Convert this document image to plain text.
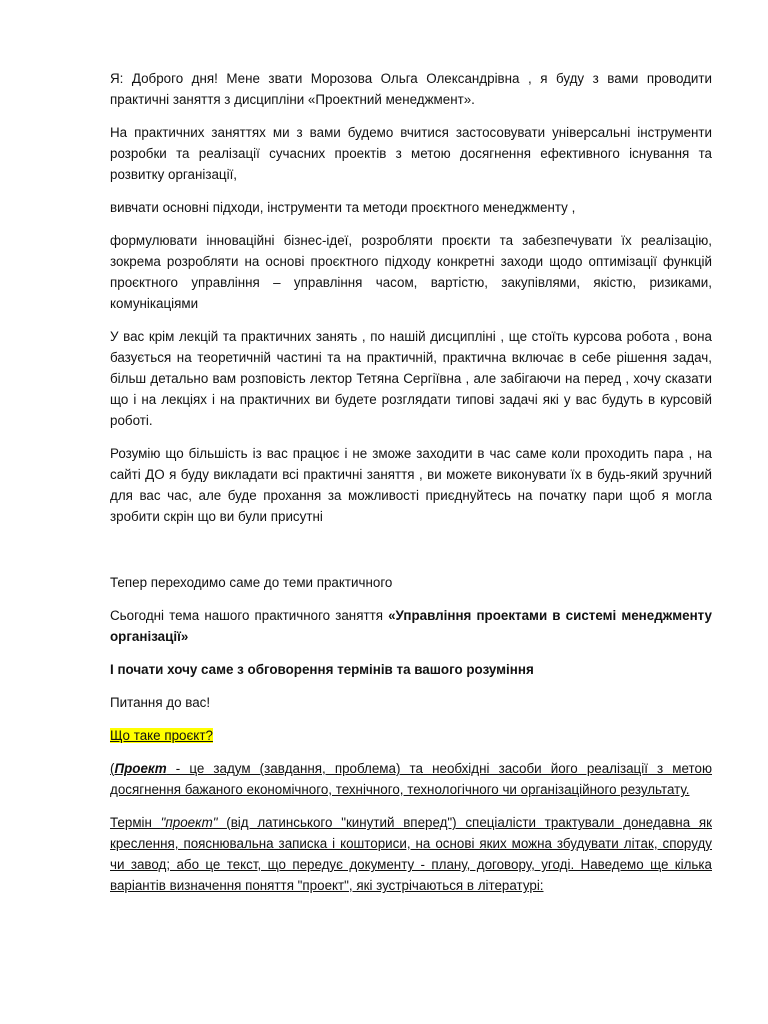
Я: Доброго дня! Мене звати Морозова Ольга Олександрівна , я буду з вами проводити практичні заняття з дисципліни «Проектний менеджмент».

На практичних заняттях ми з вами будемо вчитися застосовувати універсальні інструменти розробки та реалізації сучасних проектів з метою досягнення ефективного існування та розвитку організації,

вивчати основні підходи, інструменти та методи проєктного менеджменту ,

формулювати інноваційні бізнес-ідеї, розробляти проєкти та забезпечувати їх реалізацію, зокрема розробляти на основі проєктного підходу конкретні заходи щодо оптимізації функцій проєктного управління – управління часом, вартістю, закупівлями, якістю, ризиками, комунікаціями

У вас крім лекцій та практичних занять , по нашій дисципліні , ще стоїть курсова робота , вона базується на теоретичній частині та на практичній, практична включає в себе рішення задач, більш детально вам розповість лектор Тетяна Сергіївна , але забігаючи на перед , хочу сказати що і на лекціях і на практичних ви будете розглядати типові задачі які у вас будуть в курсовій роботі.

Розумію що більшість із вас працює і не зможе заходити в час саме коли проходить пара , на сайті ДО я буду викладати всі практичні заняття , ви можете виконувати їх в будь-який зручний для вас час, але буде прохання за можливості приєднуйтесь на початку пари щоб я могла зробити скрін що ви були присутні

Тепер переходимо саме до теми практичного

Сьогодні тема нашого практичного заняття «Управління проектами в системі менеджменту організації»

І почати хочу саме з обговорення термінів та вашого розуміння

Питання до вас!

Що таке проєкт?

(Проект - це задум (завдання, проблема) та необхідні засоби його реалізації з метою досягнення бажаного економічного, технічного, технологічного чи організаційного результату.

Термін "проект" (від латинського "кинутий вперед") спеціалісти трактували донедавна як креслення, пояснювальна записка і кошториси, на основі яких можна збудувати літак, споруду чи завод; або це текст, що передує документу - плану, договору, угоді. Наведемо ще кілька варіантів визначення поняття "проект", які зустрічаються в літературі:
